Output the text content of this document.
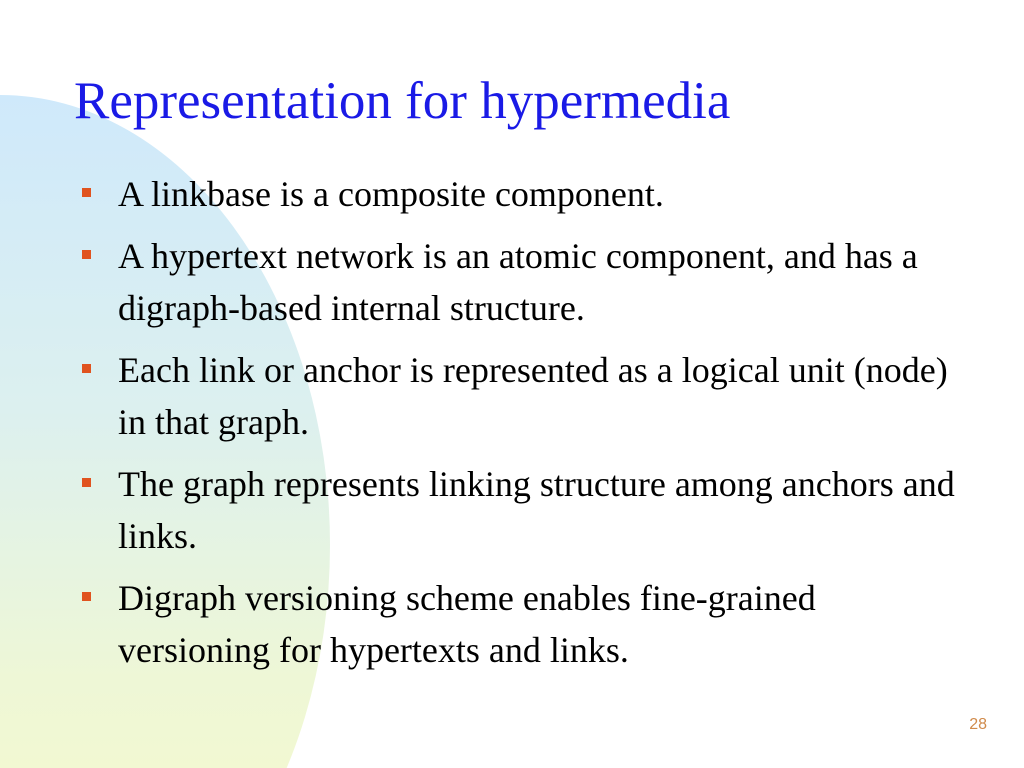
Representation for hypermedia
A linkbase is a composite component.
A hypertext network is an atomic component, and has a digraph-based internal structure.
Each link or anchor is represented as a logical unit (node) in that graph.
The graph represents linking structure among anchors and links.
Digraph versioning scheme enables fine-grained versioning for hypertexts and links.
28
